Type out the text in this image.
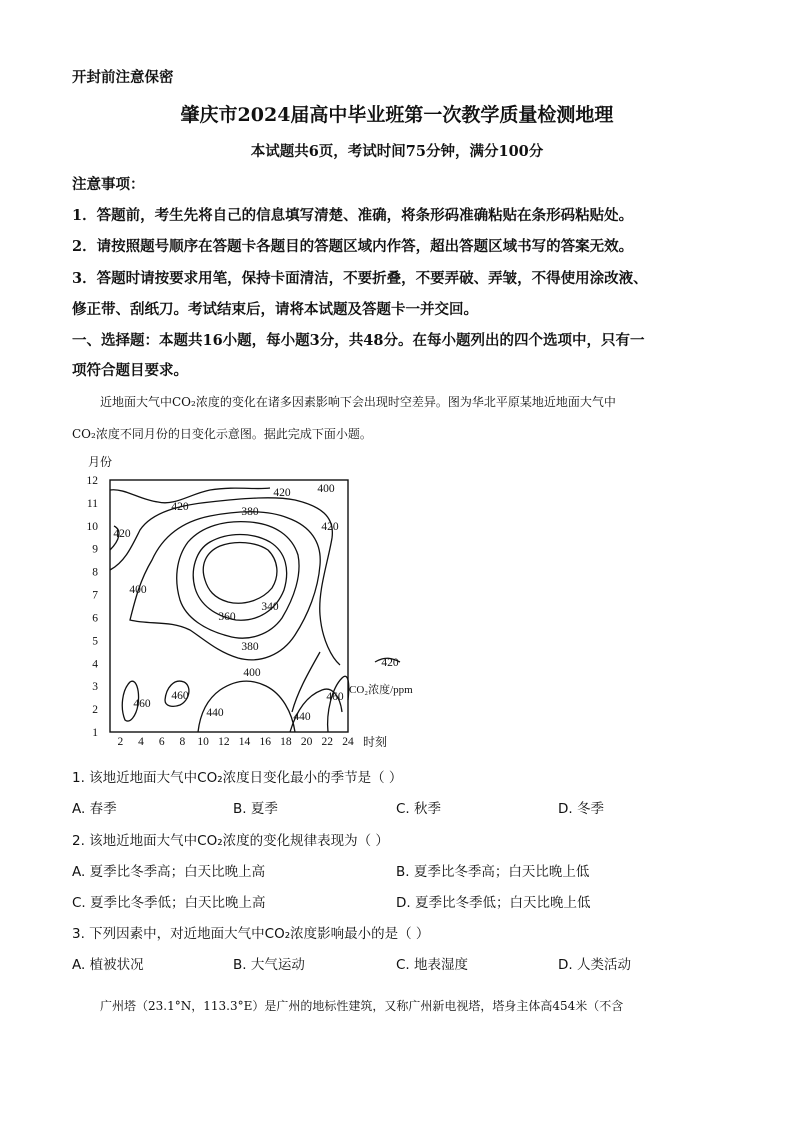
开封前注意保密
肇庆市2024届高中毕业班第一次教学质量检测地理
本试题共6页，考试时间75分钟，满分100分
注意事项：
1．答题前，考生先将自己的信息填写清楚、准确，将条形码准确粘贴在条形码粘贴处。
2．请按照题号顺序在答题卡各题目的答题区域内作答，超出答题区域书写的答案无效。
3．答题时请按要求用笔，保持卡面清洁，不要折叠，不要弄破、弄皱，不得使用涂改液、
修正带、刮纸刀。考试结束后，请将本试题及答题卡一并交回。
一、选择题：本题共16小题，每小题3分，共48分。在每小题列出的四个选项中，只有一
项符合题目要求。
近地面大气中CO₂浓度的变化在诸多因素影响下会出现时空差异。图为华北平原某地近地面大气中
CO₂浓度不同月份的日变化示意图。据此完成下面小题。
月份
时刻
1
2
3
4
5
6
7
8
9
10
11
12
2 4 6 8 10 12 14 16 18 20 22 24
420 400
420	380
420
400
340
360
380
420
400
460
420
460
460
440	440
CO₂浓度/ppm
1. 该地近地面大气中CO₂浓度日变化最小的季节是（ ）
A. 春季	B. 夏季	C. 秋季	D. 冬季
2. 该地近地面大气中CO₂浓度的变化规律表现为（ ）
A. 夏季比冬季高；白天比晚上高	B. 夏季比冬季高；白天比晚上低
C. 夏季比冬季低；白天比晚上高	D. 夏季比冬季低；白天比晚上低
3. 下列因素中，对近地面大气中CO₂浓度影响最小的是（ ）
A. 植被状况	B. 大气运动	C. 地表湿度	D. 人类活动
广州塔（23.1°N，113.3°E）是广州的地标性建筑，又称广州新电视塔，塔身主体高454米（不含
